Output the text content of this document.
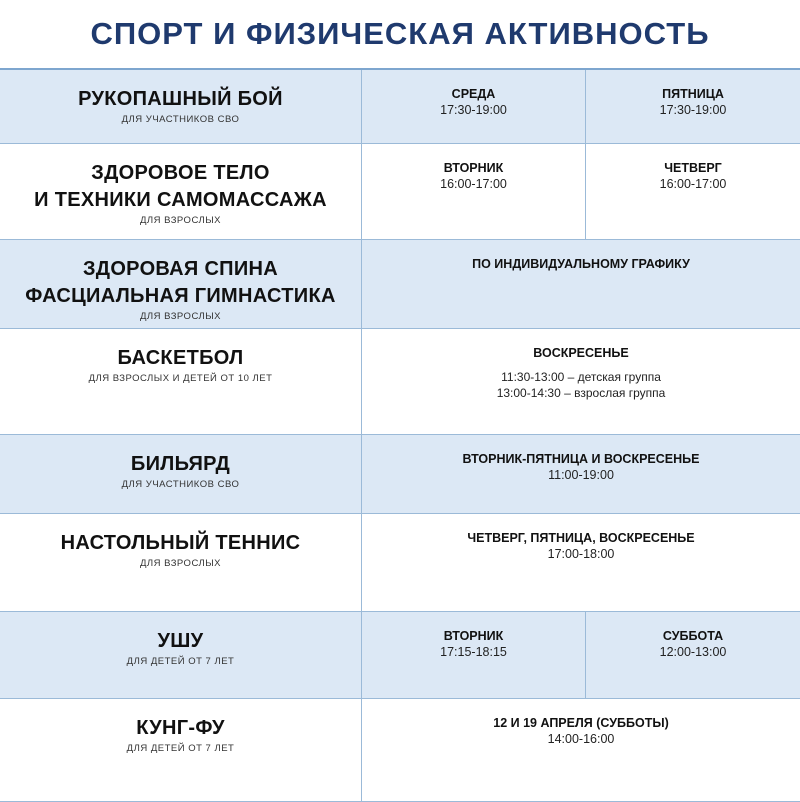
СПОРТ И ФИЗИЧЕСКАЯ АКТИВНОСТЬ
РУКОПАШНЫЙ БОЙ
ДЛЯ УЧАСТНИКОВ СВО
СРЕДА
17:30-19:00
ПЯТНИЦА
17:30-19:00
ЗДОРОВОЕ ТЕЛО
И ТЕХНИКИ САМОМАССАЖА
ДЛЯ ВЗРОСЛЫХ
ВТОРНИК
16:00-17:00
ЧЕТВЕРГ
16:00-17:00
ЗДОРОВАЯ СПИНА
ФАСЦИАЛЬНАЯ ГИМНАСТИКА
ДЛЯ ВЗРОСЛЫХ
ПО ИНДИВИДУАЛЬНОМУ ГРАФИКУ
БАСКЕТБОЛ
ДЛЯ ВЗРОСЛЫХ И ДЕТЕЙ ОТ 10 ЛЕТ
ВОСКРЕСЕНЬЕ
11:30-13:00 – детская группа
13:00-14:30 – взрослая группа
БИЛЬЯРД
ДЛЯ УЧАСТНИКОВ СВО
ВТОРНИК-ПЯТНИЦА И ВОСКРЕСЕНЬЕ
11:00-19:00
НАСТОЛЬНЫЙ ТЕННИС
ДЛЯ ВЗРОСЛЫХ
ЧЕТВЕРГ, ПЯТНИЦА, ВОСКРЕСЕНЬЕ
17:00-18:00
УШУ
ДЛЯ ДЕТЕЙ ОТ 7 ЛЕТ
ВТОРНИК
17:15-18:15
СУББОТА
12:00-13:00
КУНГ-ФУ
ДЛЯ ДЕТЕЙ ОТ 7 ЛЕТ
12 И 19 АПРЕЛЯ (СУББОТЫ)
14:00-16:00
